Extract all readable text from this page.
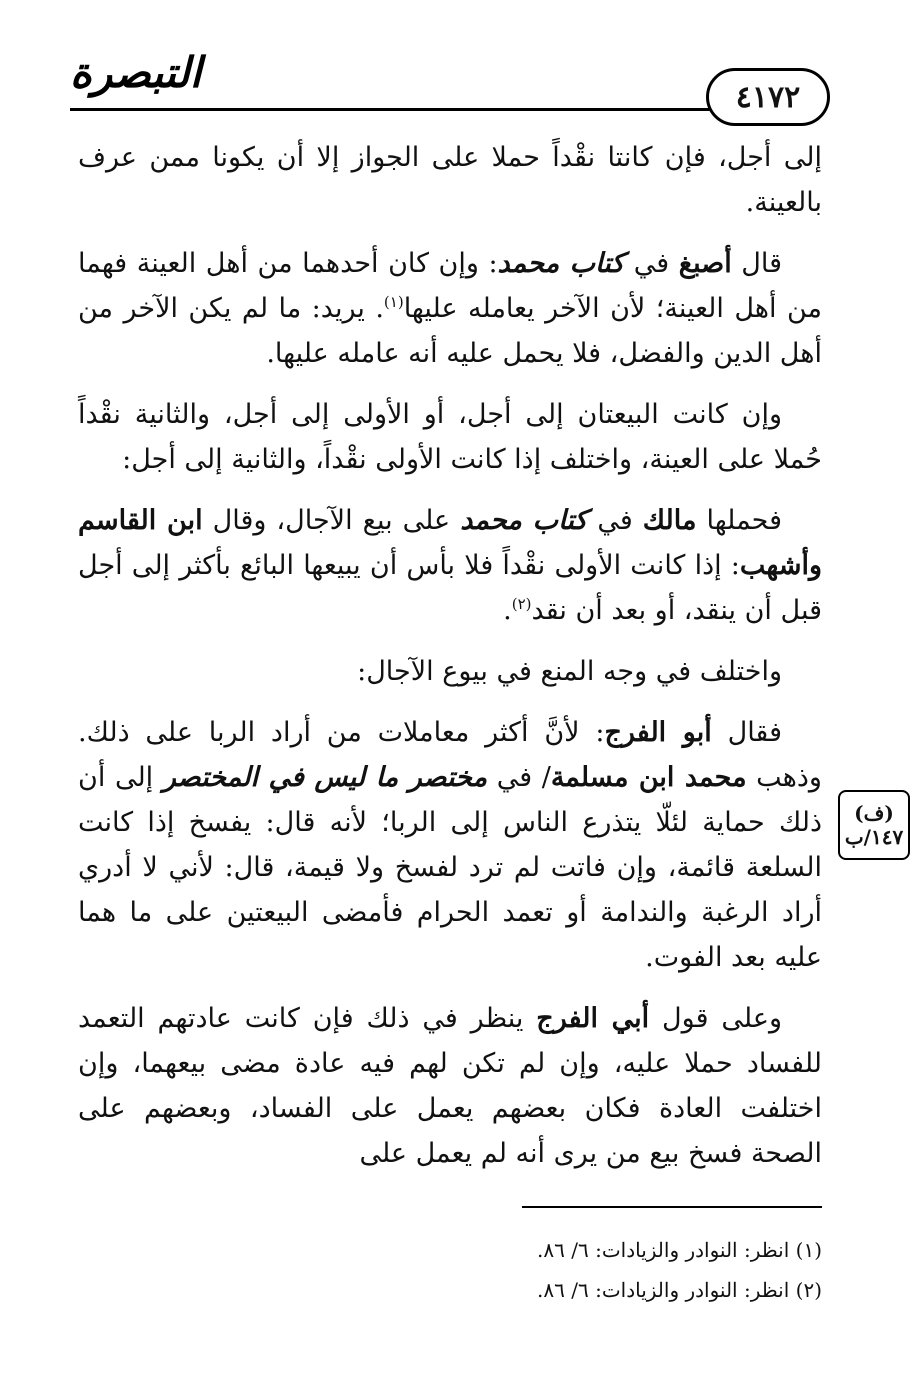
التبصرة	٤١٧٢

إلى أجل، فإن كانتا نقْداً حملا على الجواز إلا أن يكونا ممن عرف بالعينة.

قال أصبغ في كتاب محمد: وإن كان أحدهما من أهل العينة فهما من أهل العينة؛ لأن الآخر يعامله عليها$^{(١)}$. يريد: ما لم يكن الآخر من أهل الدين والفضل، فلا يحمل عليه أنه عامله عليها.

وإن كانت البيعتان إلى أجل، أو الأولى إلى أجل، والثانية نقْداً حُملا على العينة، واختلف إذا كانت الأولى نقْداً، والثانية إلى أجل:

فحملها مالك في كتاب محمد على بيع الآجال، وقال ابن القاسم وأشهب: إذا كانت الأولى نقْداً فلا بأس أن يبيعها البائع بأكثر إلى أجل قبل أن ينقد، أو بعد أن نقد$^{(٢)}$.

واختلف في وجه المنع في بيوع الآجال:

فقال أبو الفرج: لأنَّ أكثر معاملات من أراد الربا على ذلك. وذهب محمد ابن مسلمة/ في مختصر ما ليس في المختصر إلى أن ذلك حماية لئلّا يتذرع الناس إلى الربا؛ لأنه قال: يفسخ إذا كانت السلعة قائمة، وإن فاتت لم ترد لفسخ ولا قيمة، قال: لأني لا أدري أراد الرغبة والندامة أو تعمد الحرام فأمضى البيعتين على ما هما عليه بعد الفوت.

وعلى قول أبي الفرج ينظر في ذلك فإن كانت عادتهم التعمد للفساد حملا عليه، وإن لم تكن لهم فيه عادة مضى بيعهما، وإن اختلفت العادة فكان بعضهم يعمل على الفساد، وبعضهم على الصحة فسخ بيع من يرى أنه لم يعمل على

(ف)
١٤٧/ب

(١) انظر: النوادر والزيادات: ٦/ ٨٦.

(٢) انظر: النوادر والزيادات: ٦/ ٨٦.
